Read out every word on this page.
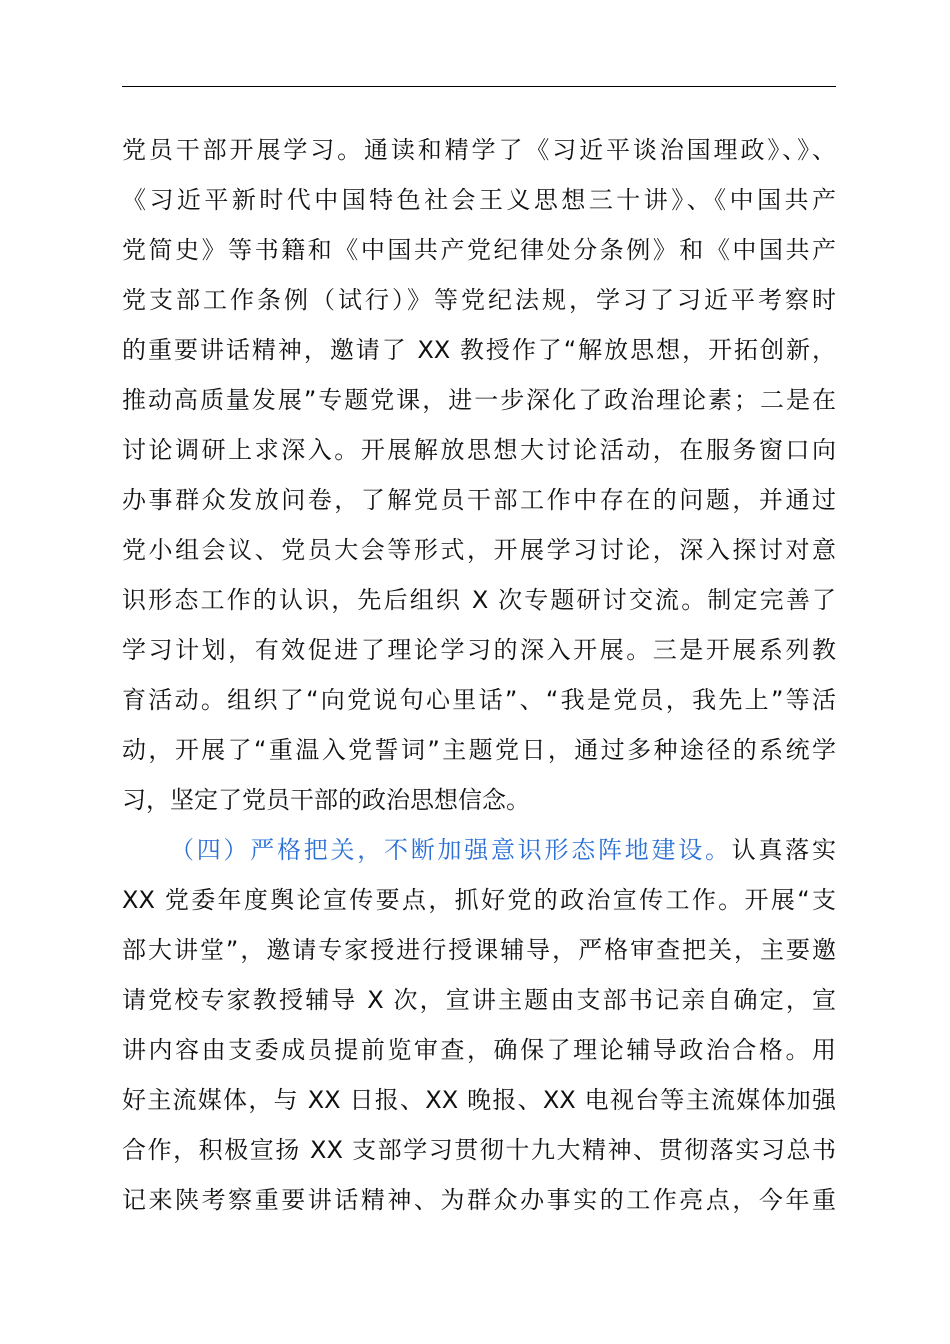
党员干部开展学习。通读和精学了《习近平谈治国理政》、》、
《习近平新时代中国特色社会王义思想三十讲》、《中国共产
党简史》等书籍和《中国共产党纪律处分条例》和《中国共产
党支部工作条例（试行）》等党纪法规，学习了习近平考察时
的重要讲话精神，邀请了 XX 教授作了“解放思想，开拓创新，
推动高质量发展”专题党课，进一步深化了政治理论素；二是在
讨论调研上求深入。开展解放思想大讨论活动，在服务窗口向
办事群众发放问卷，了解党员干部工作中存在的问题，并通过
党小组会议、党员大会等形式，开展学习讨论，深入探讨对意
识形态工作的认识，先后组织 X 次专题研讨交流。制定完善了
学习计划，有效促进了理论学习的深入开展。三是开展系列教
育活动。组织了“向党说句心里话”、“我是党员，我先上”等活
动，开展了“重温入党誓词”主题党日，通过多种途径的系统学
习，坚定了党员干部的政治思想信念。
（四）严格把关，不断加强意识形态阵地建设。认真落实
XX 党委年度舆论宣传要点，抓好党的政治宣传工作。开展“支
部大讲堂”，邀请专家授进行授课辅导，严格审查把关，主要邀
请党校专家教授辅导 X 次，宣讲主题由支部书记亲自确定，宣
讲内容由支委成员提前览审查，确保了理论辅导政治合格。用
好主流媒体，与 XX 日报、XX 晚报、XX 电视台等主流媒体加强
合作，积极宣扬 XX 支部学习贯彻十九大精神、贯彻落实习总书
记来陕考察重要讲话精神、为群众办事实的工作亮点，今年重
